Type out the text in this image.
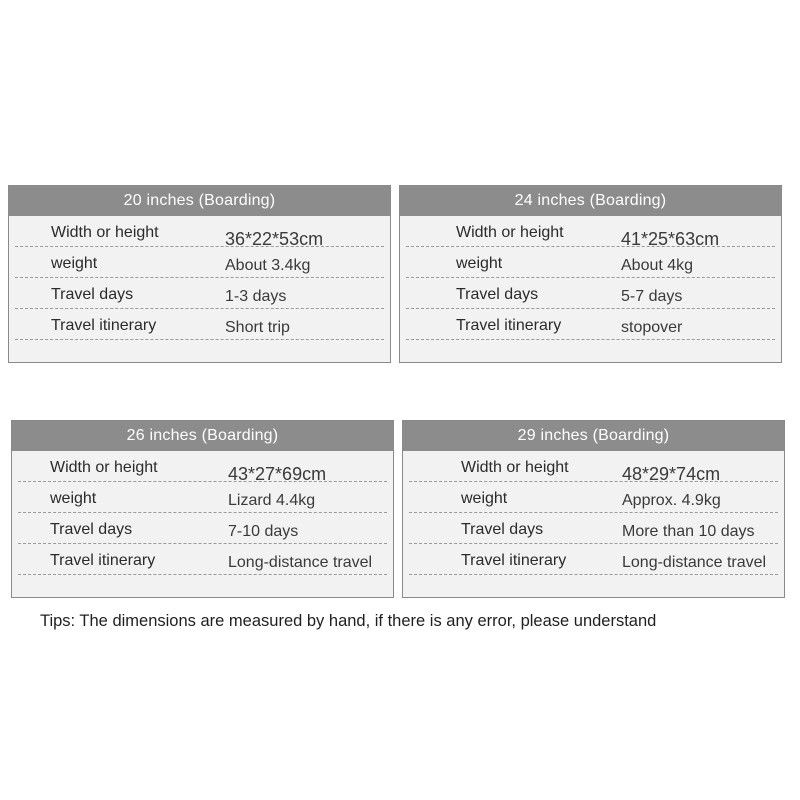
20 inches (Boarding)
Width or height	36*22*53cm
weight	About 3.4kg
Travel days	1-3 days
Travel itinerary	Short trip
24 inches (Boarding)
Width or height	41*25*63cm
weight	About 4kg
Travel days	5-7 days
Travel itinerary	stopover
26 inches (Boarding)
Width or height	43*27*69cm
weight	Lizard 4.4kg
Travel days	7-10 days
Travel itinerary	Long-distance travel
29 inches (Boarding)
Width or height	48*29*74cm
weight	Approx. 4.9kg
Travel days	More than 10 days
Travel itinerary	Long-distance travel
Tips: The dimensions are measured by hand, if there is any error, please understand
